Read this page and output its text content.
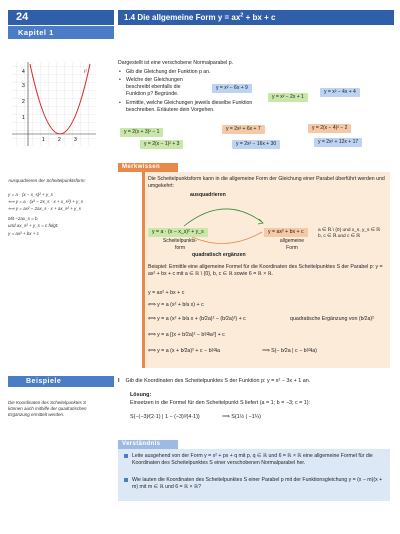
24
Kapitel 1
1.4 Die allgemeine Form $y = ax^2$ + bx + c
4
3
2
1
1	2	3
p

Dargestellt ist eine verschobene Normalparabel p.

• Gib die Gleichung der Funktion p an.
• Welche der Gleichungen beschreibt ebenfalls die Funktion p? Begründe.
• Ermittle, welche Gleichungen jeweils dieselbe Funktion beschreiben. Erläutere dein Vorgehen.
y = x² − 6x + 9
y = x² − 4x + 4
y = x² − 2x + 1
y = 2(x + 3)² − 1	y = 2x² + 6x + 7	y = 2(x − 4)² − 2
y = 2(x − 1)² + 3	y = 2x² − 16x + 30	y = 2x² + 12x + 17
Merkwissen
Die Scheitelpunktsform kann in die allgemeine Form der Gleichung einer Parabel überführt werden und umgekehrt:
ausquadrieren
y = a · (x − x_s)² + y_s	y = ax² + bx + c
Scheitelpunkts-
form
allgemeine
Form
quadratisch ergänzen
a ∈ ℝ \ {0} und x_s, y_s ∈ ℝ
b, c ∈ ℝ und c ∈ ℝ
Beispiel: Ermittle eine allgemeine Formel für die Koordinaten des Scheitelpunktes S der Parabel p: y = ax² + bx + c mit a ∈ ℝ \ {0}, b, c ∈ ℝ sowie 6 = ℝ × ℝ.
y = ax² + bx + c
⟺ y = a (x² + b⁄a x) + c
⟺ y = a (x² + b⁄a x + (b⁄2a)² − (b⁄2a)²) + c	quadratische Ergänzung von (b⁄2a)²
⟺ y = a [(x + b⁄2a)² − b²⁄4a²] + c
⟺ y = a (x + b⁄2a)² + c − b²⁄4a	⟹ S(− b⁄2a | c − b²⁄4a)
Ausquadrieren der Scheitelpunktsform:
y = a · (x − x_s)² + y_s
⟺ y = a · (x² − 2x_s · x + x_s²) + y_s
⟺ y = ax² − 2ax_s · x + ax_s² + y_s
Mit −2ax_s = b
und ax_s² + y_s = c folgt:
y = ax² + bx + c
Beispiele
Die Koordinaten des Scheitelpunktes S können auch mithilfe der quadratischen Ergänzung ermittelt werden.
I Gib die Koordinaten des Scheitelpunktes S der Funktion p: y = x² − 3x + 1 an.
Lösung:
Einsetzen in die Formel für den Scheitelpunkt S liefert (a = 1; b = −3; c = 1):
S(−(−3)⁄(2·1) | 1 − (−3)²⁄(4·1))	⟹ S(1½ | −1¼)
Verständnis
Leite ausgehend von der Form y = x² + px + q mit p, q ∈ ℝ und 6 = ℝ × ℝ eine allgemeine Formel für die Koordinaten des Scheitelpunktes S einer verschobenen Normalparabel her.
Wie lauten die Koordinaten des Scheitelpunktes S einer Parabel p mit der Funktionsgleichung y = (x − m)(x + m) mit m ∈ ℝ und 6 = ℝ × ℝ?
